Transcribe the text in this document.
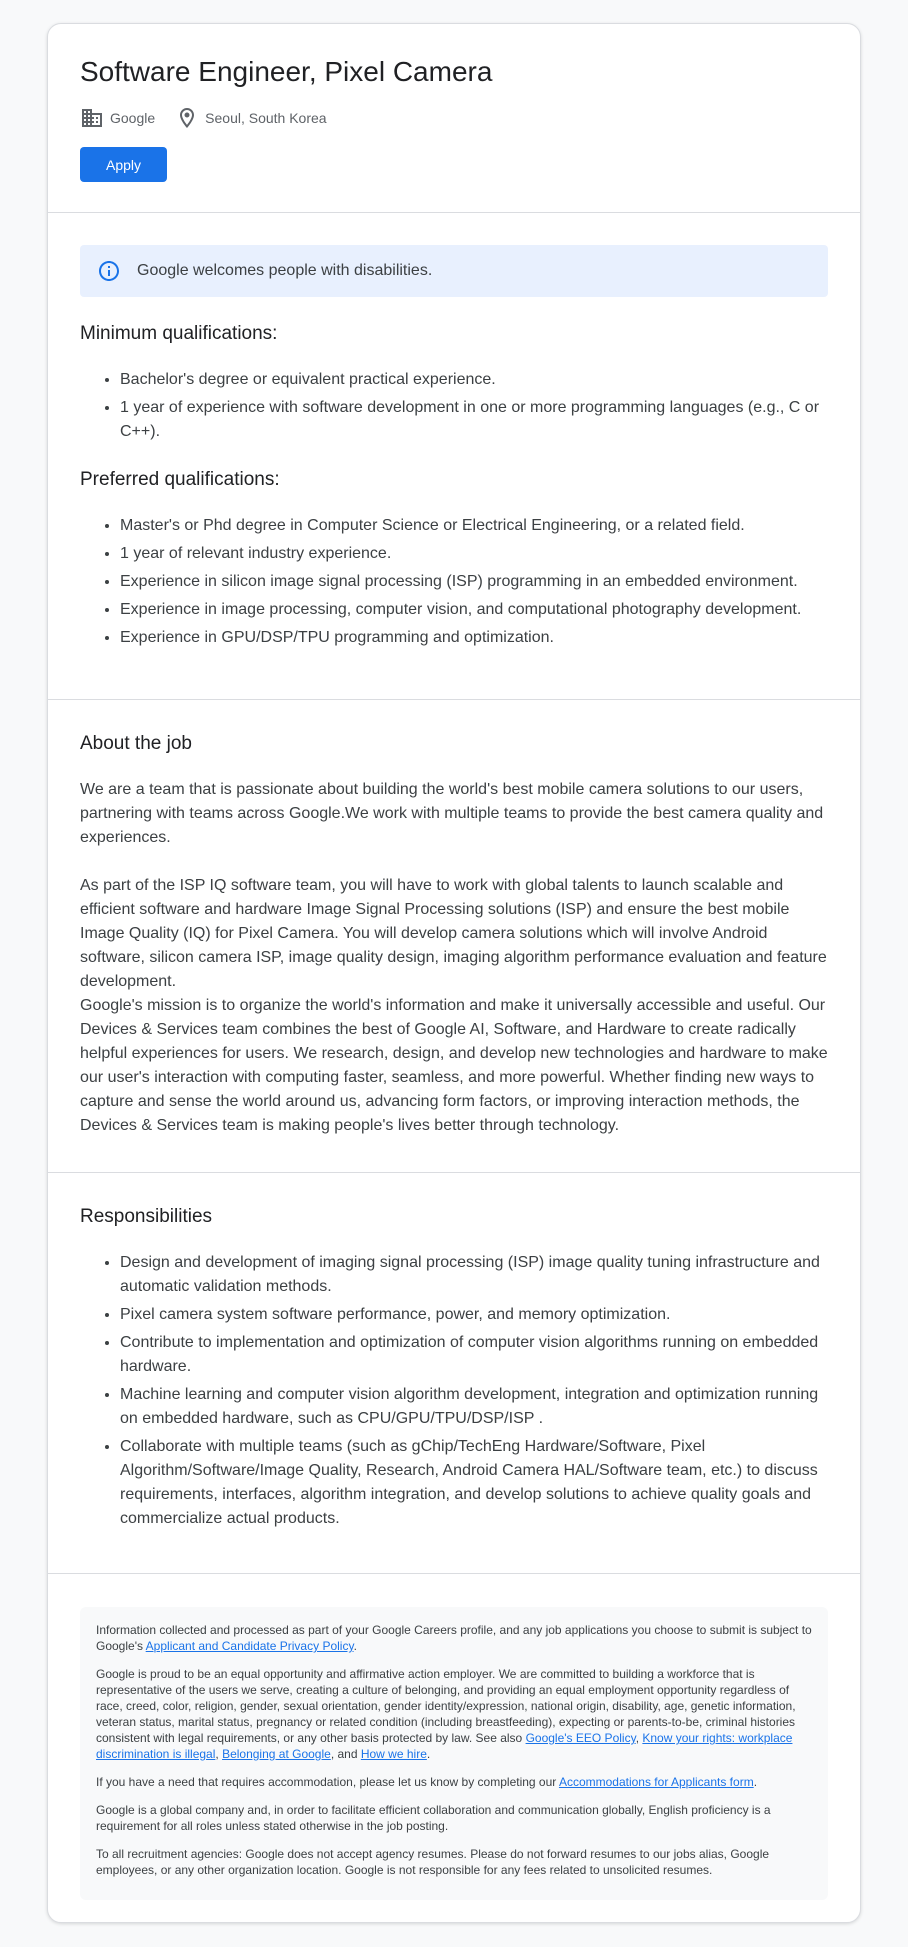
Software Engineer, Pixel Camera
Google	Seoul, South Korea
Apply
Google welcomes people with disabilities.
Minimum qualifications:
• Bachelor's degree or equivalent practical experience.
• 1 year of experience with software development in one or more programming languages (e.g., C or C++).
Preferred qualifications:
• Master's or Phd degree in Computer Science or Electrical Engineering, or a related field.
• 1 year of relevant industry experience.
• Experience in silicon image signal processing (ISP) programming in an embedded environment.
• Experience in image processing, computer vision, and computational photography development.
• Experience in GPU/DSP/TPU programming and optimization.
About the job

We are a team that is passionate about building the world's best mobile camera solutions to our users, partnering with teams across Google.We work with multiple teams to provide the best camera quality and experiences.

As part of the ISP IQ software team, you will have to work with global talents to launch scalable and efficient software and hardware Image Signal Processing solutions (ISP) and ensure the best mobile Image Quality (IQ) for Pixel Camera. You will develop camera solutions which will involve Android software, silicon camera ISP, image quality design, imaging algorithm performance evaluation and feature development.

Google's mission is to organize the world's information and make it universally accessible and useful. Our Devices & Services team combines the best of Google AI, Software, and Hardware to create radically helpful experiences for users. We research, design, and develop new technologies and hardware to make our user's interaction with computing faster, seamless, and more powerful. Whether finding new ways to capture and sense the world around us, advancing form factors, or improving interaction methods, the Devices & Services team is making people's lives better through technology.

Responsibilities
• Design and development of imaging signal processing (ISP) image quality tuning infrastructure and automatic validation methods.
• Pixel camera system software performance, power, and memory optimization.
• Contribute to implementation and optimization of computer vision algorithms running on embedded hardware.
• Machine learning and computer vision algorithm development, integration and optimization running on embedded hardware, such as CPU/GPU/TPU/DSP/ISP .
• Collaborate with multiple teams (such as gChip/TechEng Hardware/Software, Pixel Algorithm/Software/Image Quality, Research, Android Camera HAL/Software team, etc.) to discuss requirements, interfaces, algorithm integration, and develop solutions to achieve quality goals and commercialize actual products.

Information collected and processed as part of your Google Careers profile, and any job applications you choose to submit is subject to Google's Applicant and Candidate Privacy Policy.

Google is proud to be an equal opportunity and affirmative action employer. We are committed to building a workforce that is representative of the users we serve, creating a culture of belonging, and providing an equal employment opportunity regardless of race, creed, color, religion, gender, sexual orientation, gender identity/expression, national origin, disability, age, genetic information, veteran status, marital status, pregnancy or related condition (including breastfeeding), expecting or parents-to-be, criminal histories consistent with legal requirements, or any other basis protected by law. See also Google's EEO Policy, Know your rights: workplace discrimination is illegal, Belonging at Google, and How we hire.

If you have a need that requires accommodation, please let us know by completing our Accommodations for Applicants form.

Google is a global company and, in order to facilitate efficient collaboration and communication globally, English proficiency is a requirement for all roles unless stated otherwise in the job posting.

To all recruitment agencies: Google does not accept agency resumes. Please do not forward resumes to our jobs alias, Google employees, or any other organization location. Google is not responsible for any fees related to unsolicited resumes.
